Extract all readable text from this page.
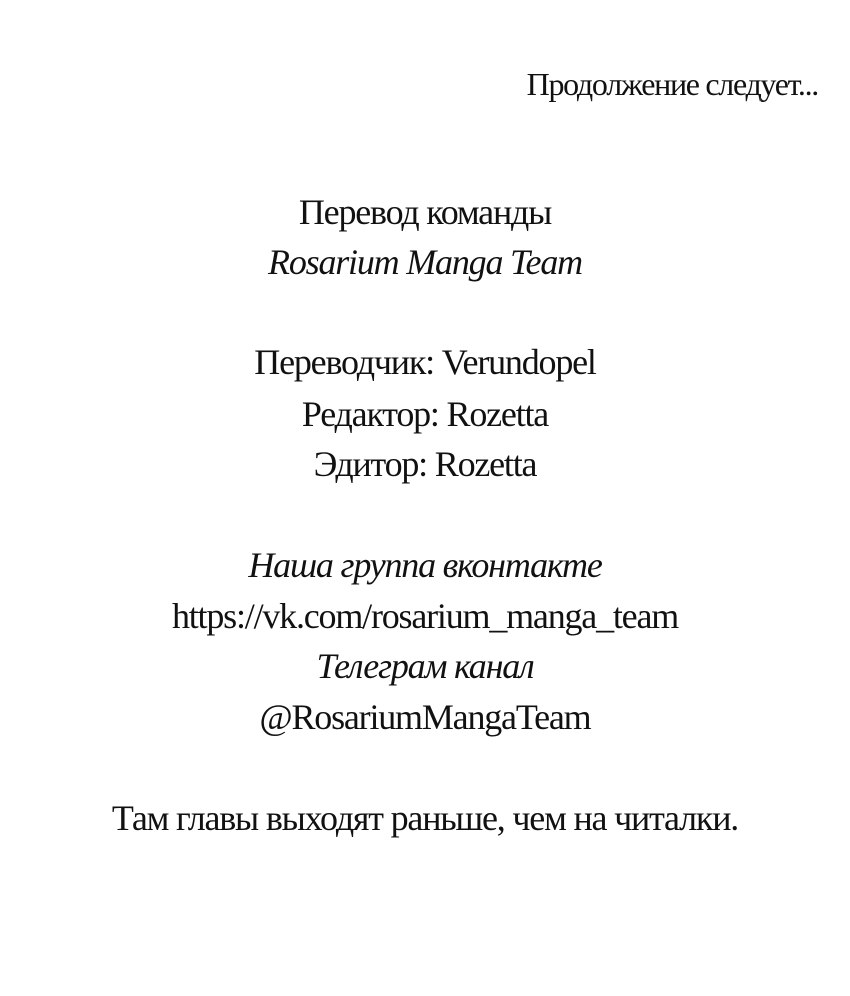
Продолжение следует...
Перевод команды
Rosarium Manga Team
Переводчик: Verundopel
Редактор: Rozetta
Эдитор: Rozetta
Наша группа вконтакте
https://vk.com/rosarium_manga_team
Телеграм канал
@RosariumMangaTeam
Там главы выходят раньше, чем на читалки.
